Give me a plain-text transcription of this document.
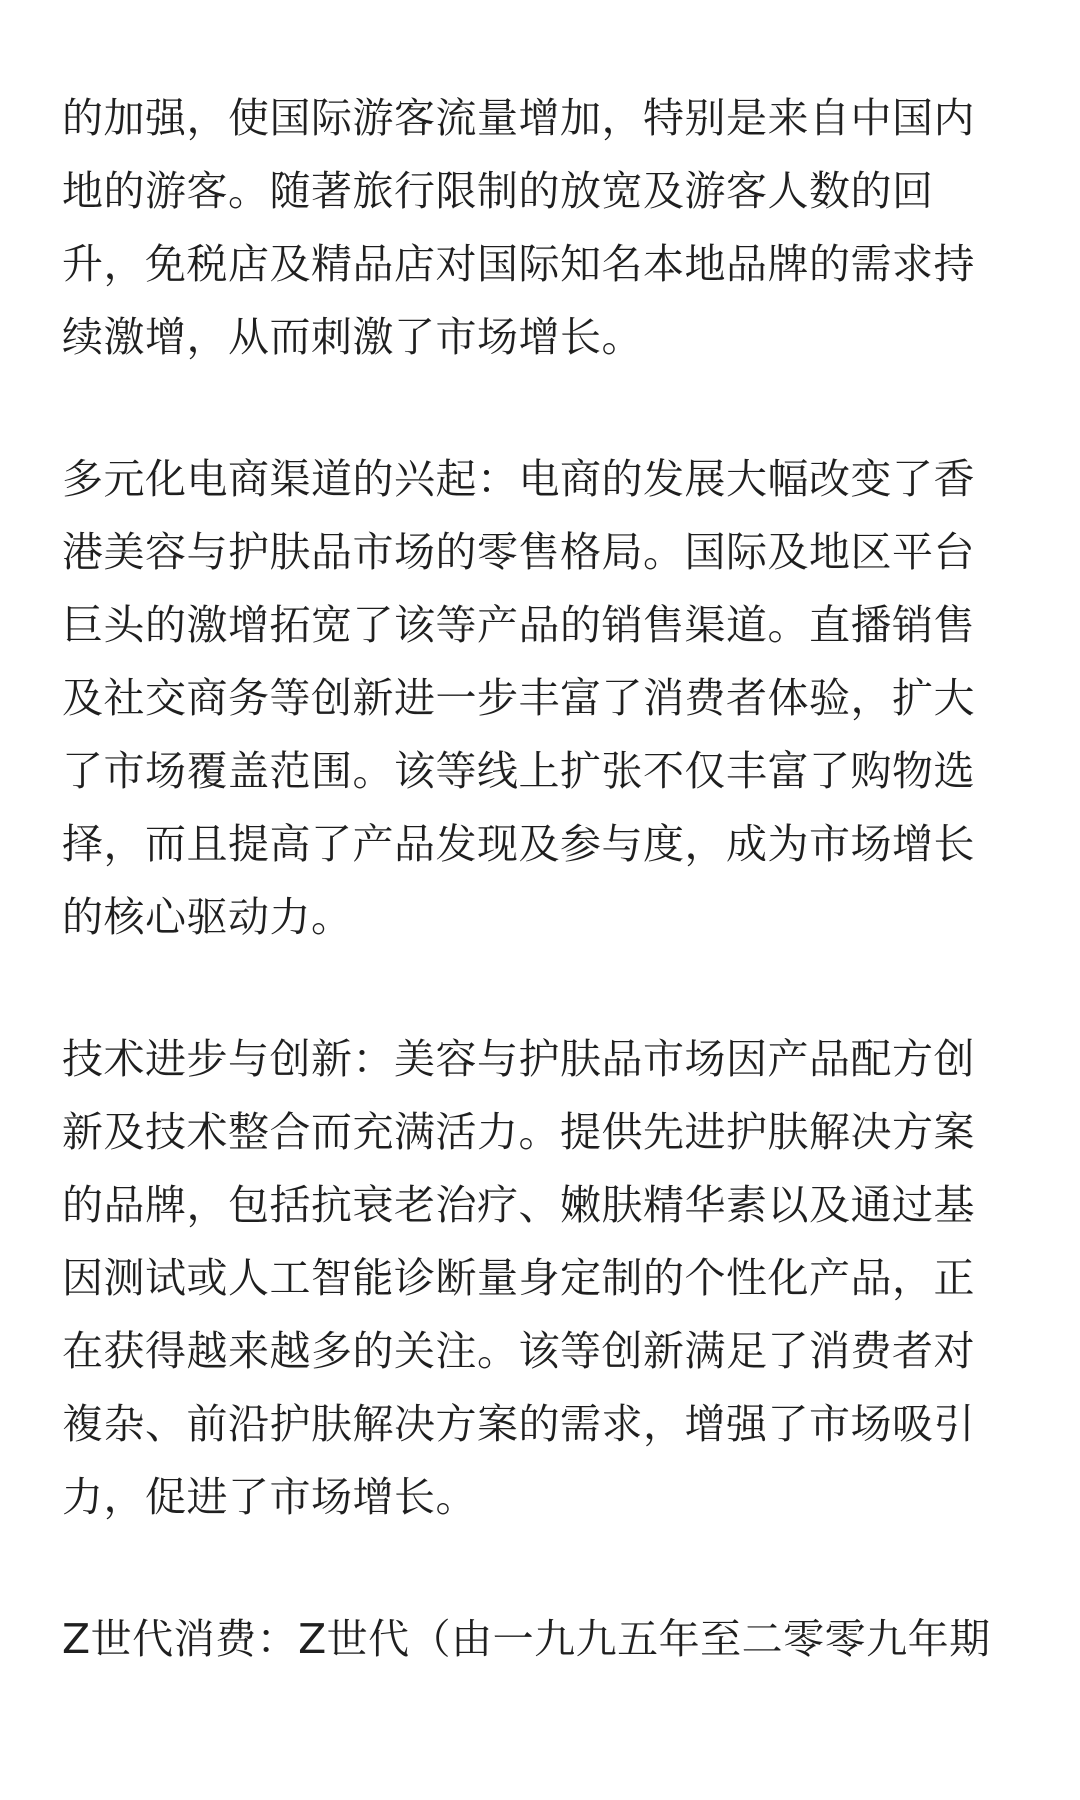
的加强，使国际游客流量增加，特别是来自中国内
地的游客。随著旅行限制的放宽及游客人数的回
升，免税店及精品店对国际知名本地品牌的需求持
续激增，从而刺激了市场增长。
多元化电商渠道的兴起：电商的发展大幅改变了香
港美容与护肤品市场的零售格局。国际及地区平台
巨头的激增拓宽了该等产品的销售渠道。直播销售
及社交商务等创新进一步丰富了消费者体验，扩大
了市场覆盖范围。该等线上扩张不仅丰富了购物选
择，而且提高了产品发现及参与度，成为市场增长
的核心驱动力。
技术进步与创新：美容与护肤品市场因产品配方创
新及技术整合而充满活力。提供先进护肤解决方案
的品牌，包括抗衰老治疗、嫩肤精华素以及通过基
因测试或人工智能诊断量身定制的个性化产品，正
在获得越来越多的关注。该等创新满足了消费者对
複杂、前沿护肤解决方案的需求，增强了市场吸引
力，促进了市场增长。
Z世代消费：Z世代（由一九九五年至二零零九年期
